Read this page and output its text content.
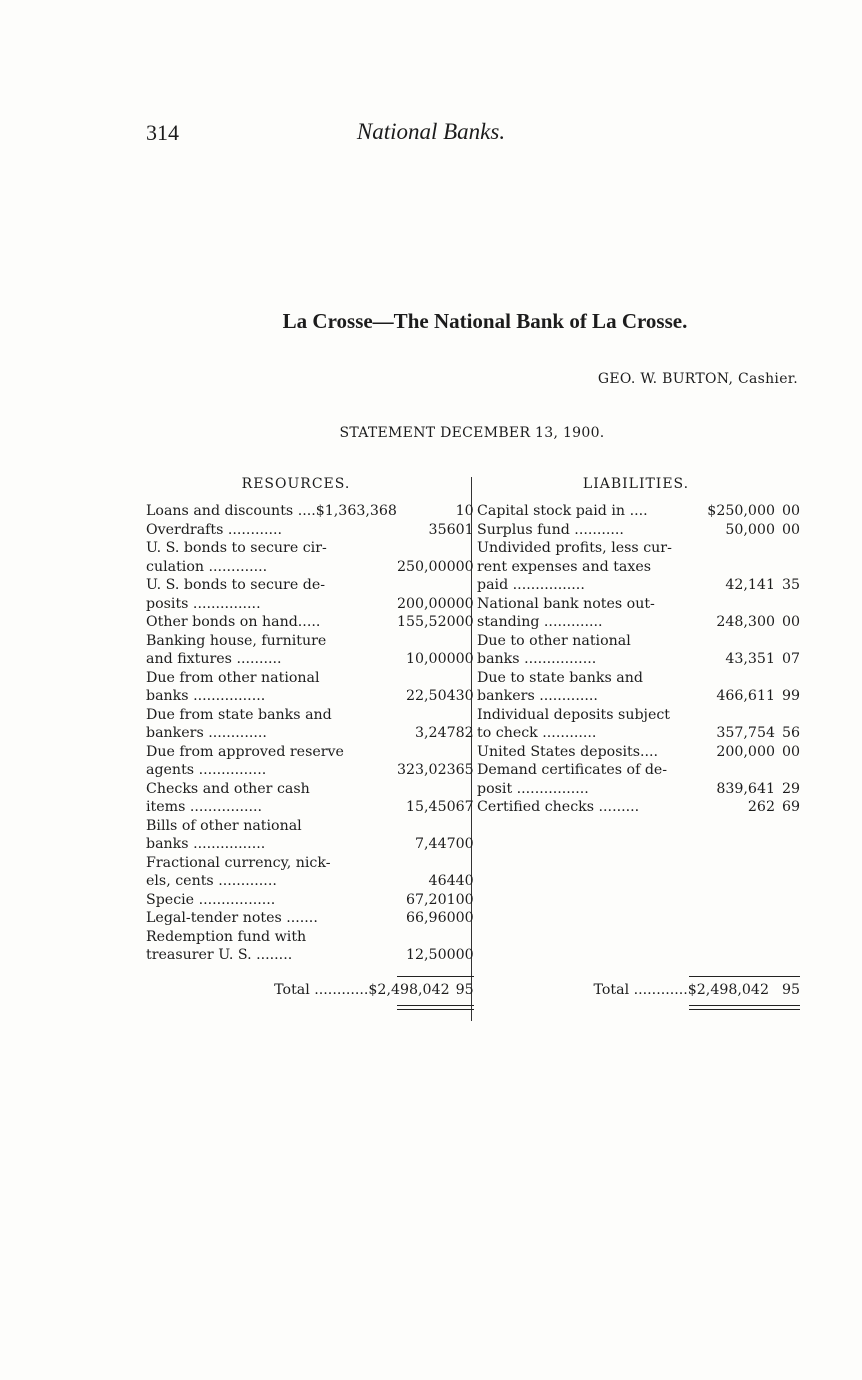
314	National Banks.
La Crosse—The National Bank of La Crosse.
GEO. W. BURTON, Cashier.
STATEMENT DECEMBER 13, 1900.
RESOURCES.	LIABILITIES.
Loans and discounts ....$1,363,368		10
Overdrafts ............	356	01
U. S. bonds to secure cir-		
culation .............	250,000	00
U. S. bonds to secure de-		
posits ...............	200,000	00
Other bonds on hand.....	155,520	00
Banking house, furniture		
and fixtures ..........	10,000	00
Due from other national		
banks ................	22,504	30
Due from state banks and		
bankers .............	3,247	82
Due from approved reserve		
agents ...............	323,023	65
Checks and other cash		
items ................	15,450	67
Bills of other national		
banks ................	7,447	00
Fractional currency, nick-		
els, cents .............	464	40
Specie .................	67,201	00
Legal-tender notes .......	66,960	00
Redemption fund with		
treasurer U. S. ........	12,500	00

Total ............$2,498,042		95

Capital stock paid in ....	$250,000	00
Surplus fund ...........	50,000	00
Undivided profits, less cur-		
rent expenses and taxes		
paid ................	42,141	35
National bank notes out-		
standing .............	248,300	00
Due to other national		
banks ................	43,351	07
Due to state banks and		
bankers .............	466,611	99
Individual deposits subject		
to check ............	357,754	56
United States deposits....	200,000	00
Demand certificates of de-		
posit ................	839,641	29
Certified checks .........	262	69

Total ............$2,498,042		95
